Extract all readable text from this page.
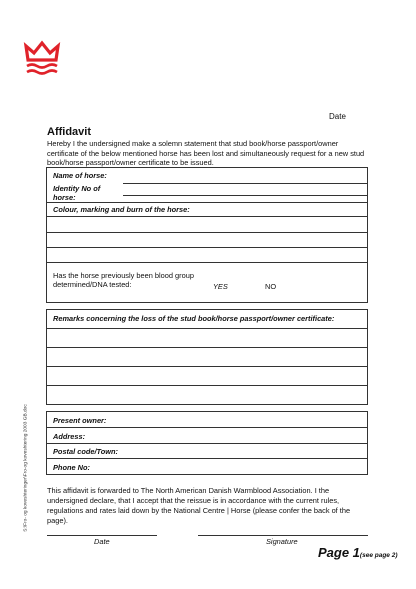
Date
Affidavit
Hereby I the undersigned make a solemn statement that stud book/horse passport/owner certificate of the below mentioned horse has been lost and simultaneously request for a new stud book/horse passport/owner certificate to be issued.
Name of horse:
Identity No of horse:
Colour, marking and burn of the horse:
Has the horse previously been blood group determined/DNA tested:	YES	NO
Remarks concerning the loss of the stud book/horse passport/owner certificate:
Present owner:
Address:
Postal code/Town:
Phone No:
S:\Fro- og koveshteringer\Fro-og koveshtering 2003 GB.doc	This affidavit is forwarded to The North American Danish Warmblood Association. I the undersigned declare, that I accept that the reissue is in accordance with the current rules, regulations and rates laid down by the National Centre | Horse (please confer the back of the page).
Date	Signature
Page 1(see page 2)
